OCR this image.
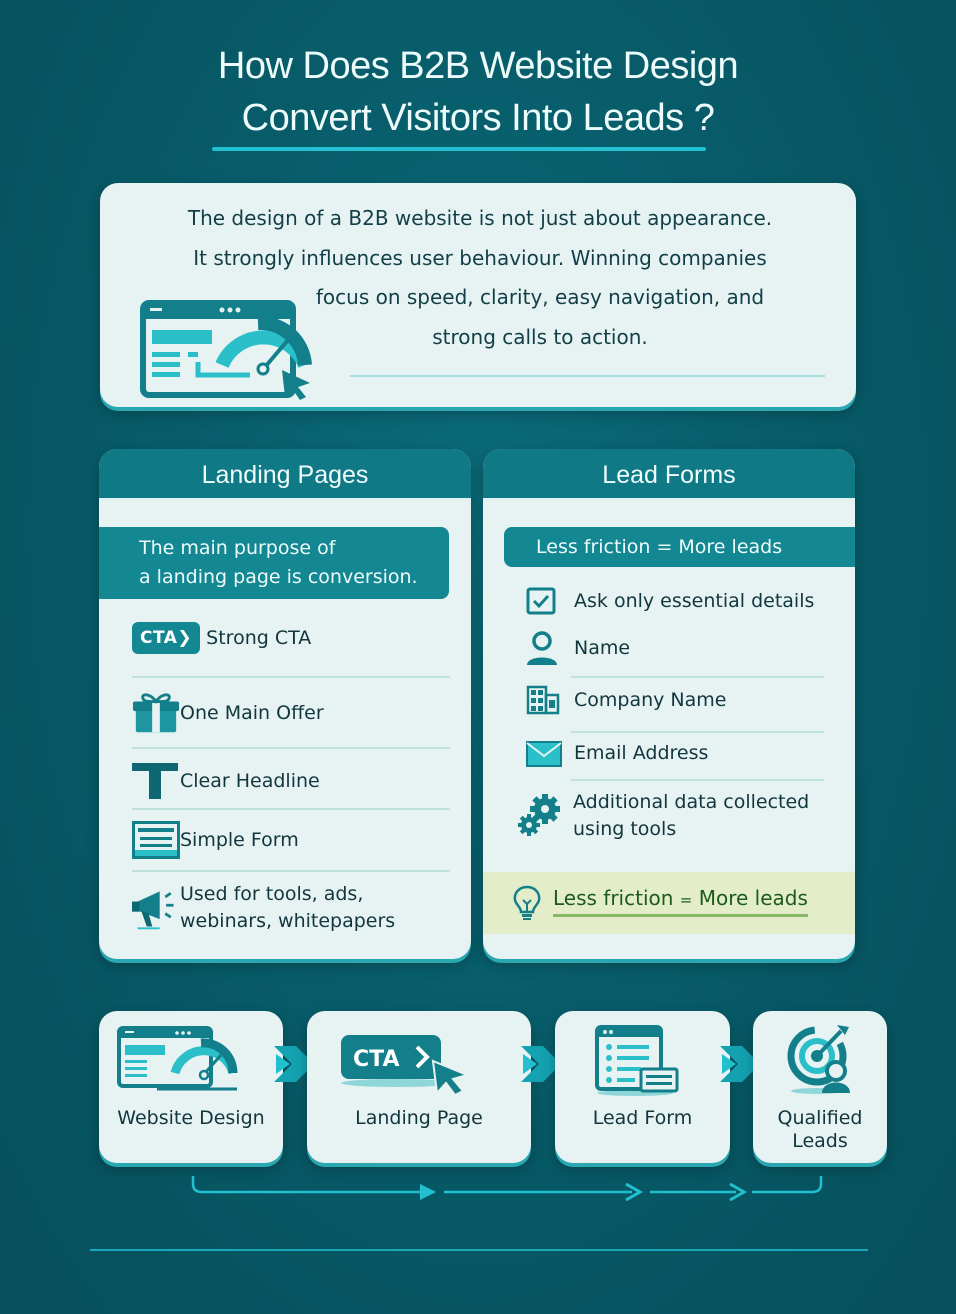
How Does B2B Website Design
Convert Visitors Into Leads ?
The design of a B2B website is not just about appearance.
It strongly influences user behaviour. Winning companies
focus on speed, clarity, easy navigation, and
strong calls to action.
Landing Pages
The main purpose of
a landing page is conversion.
CTA❯ Strong CTA
One Main Offer
Clear Headline
Simple Form
Used for tools, ads,
webinars, whitepapers
Lead Forms
Less friction = More leads
Ask only essential details
Name
Company Name
Email Address
Additional data collected
using tools
Less friction = More leads
Website Design
CTA
Landing Page	Lead Form	Qualified
Leads
